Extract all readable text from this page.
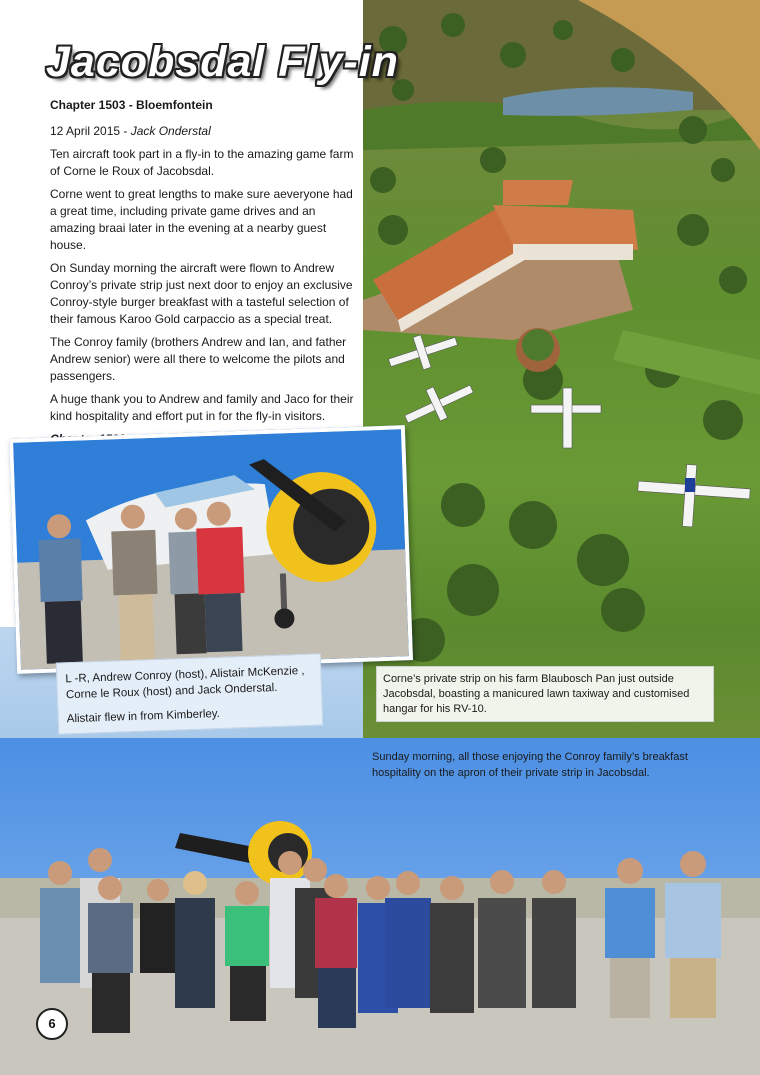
Jacobsdal Fly-in

Chapter 1503 - Bloemfontein

12 April 2015 - Jack Onderstal

Ten aircraft took part in a fly-in to the amazing game farm of Corne le Roux of Jacobsdal.

Corne went to great lengths to make sure aeveryone had a great time, including private game drives and an amazing braai later in the evening at a nearby guest house.

On Sunday morning the aircraft were flown to Andrew Conroy’s private strip just next door to enjoy an exclusive Conroy-style burger breakfast with a tasteful selection of their famous Karoo Gold carpaccio as a special treat.

The Conroy family (brothers Andrew and Ian, and father Andrew senior) were all there to welcome the pilots and passengers.

A huge thank you to Andrew and family and Jaco for their kind hospitality and effort put in for the fly-in visitors.

L -R, Andrew Conroy (host), Alistair McKenzie , Corne le Roux (host) and Jack Onderstal.

Alistair flew in from Kimberley.

Corne’s private strip on his farm Blaubosch Pan just outside Jacobsdal, boasting a manicured lawn taxiway and customised hangar for his RV-10.
Sunday morning, all those enjoying the Conroy family’s breakfast hospitality on the apron of their private strip in Jacobsdal.
6
